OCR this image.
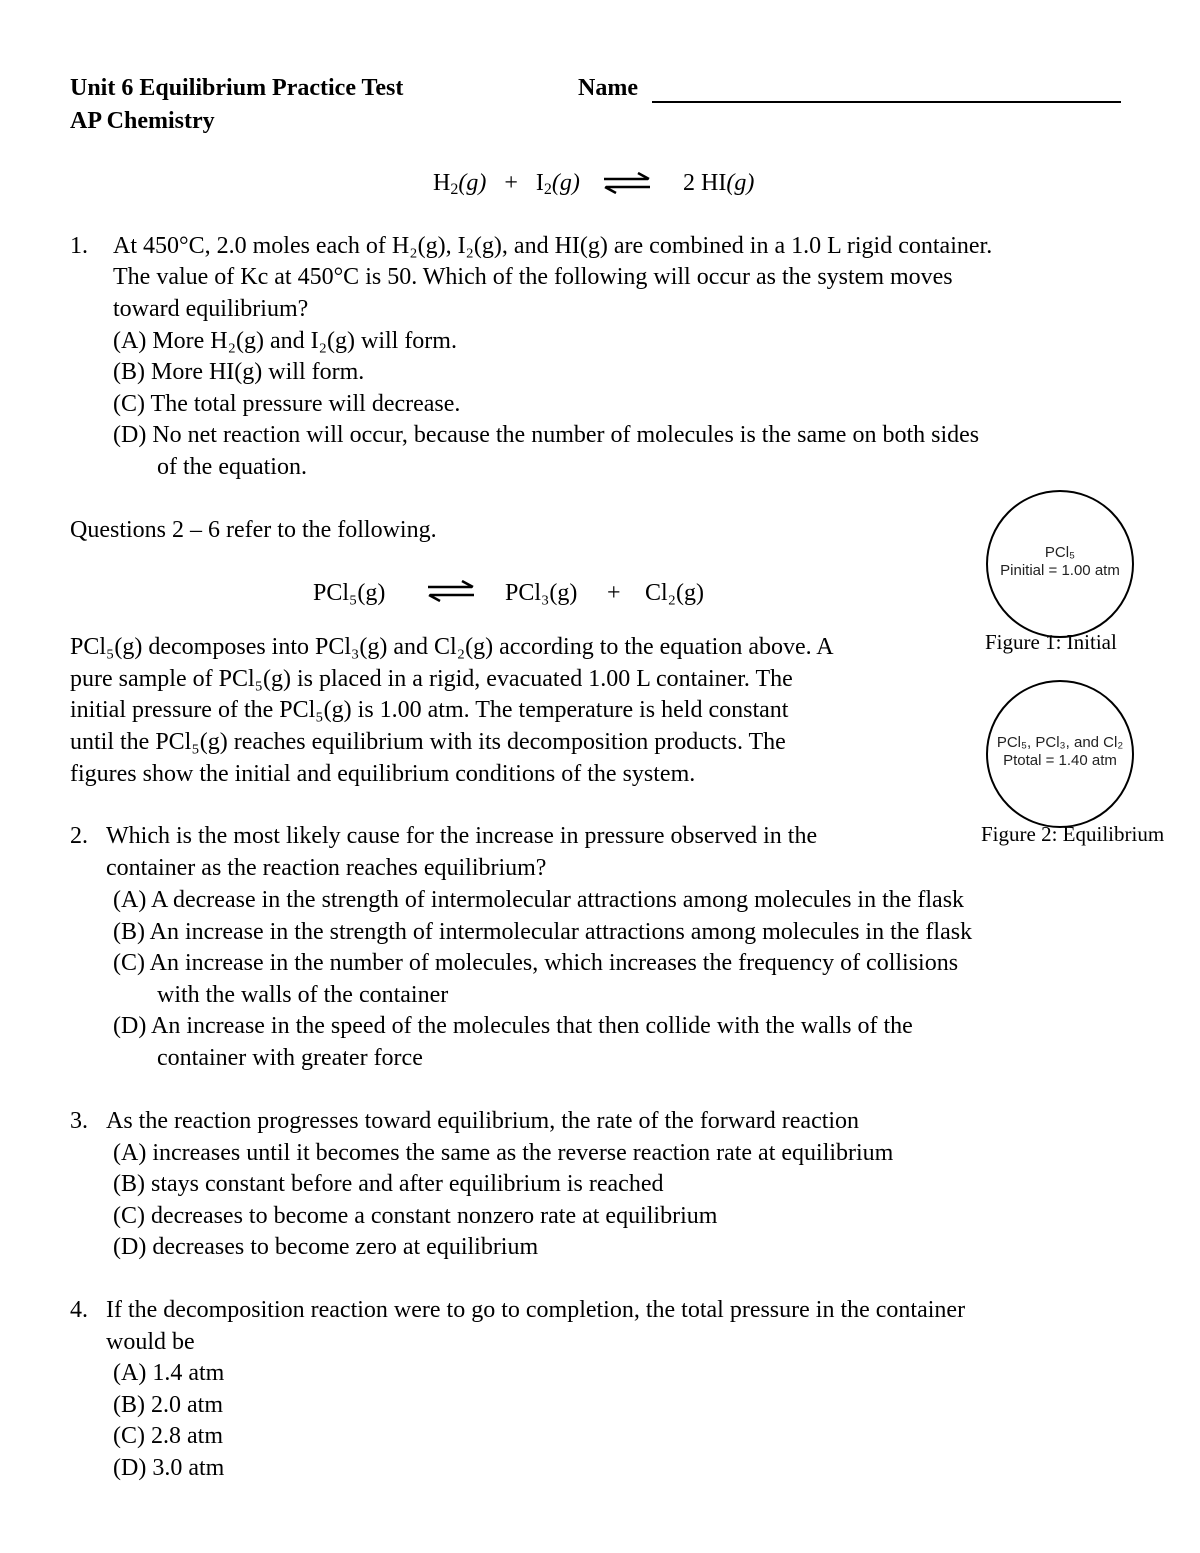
Unit 6 Equilibrium Practice Test
AP Chemistry
Name
$H_2(g) + I_2(g)$ ⇌ 2 HI(g)
1. At 450°C, 2.0 moles each of H₂(g), I₂(g), and HI(g) are combined in a 1.0 L rigid container.
The value of Kc at 450°C is 50. Which of the following will occur as the system moves
toward equilibrium?
(A) More H₂(g) and I₂(g) will form.
(B) More HI(g) will form.
(C) The total pressure will decrease.
(D) No net reaction will occur, because the number of molecules is the same on both sides
of the equation.
Questions 2 – 6 refer to the following.
PCl₅(g) ⇌ PCl₃(g) + Cl₂(g)
PCl₅(g) decomposes into PCl₃(g) and Cl₂(g) according to the equation above. A
pure sample of PCl₅(g) is placed in a rigid, evacuated 1.00 L container. The
initial pressure of the PCl₅(g) is 1.00 atm. The temperature is held constant
until the PCl₅(g) reaches equilibrium with its decomposition products. The
figures show the initial and equilibrium conditions of the system.
PCl₅
Pinitial = 1.00 atm
Figure 1: Initial
PCl₅, PCl₃, and Cl₂
Ptotal = 1.40 atm
Figure 2: Equilibrium
2. Which is the most likely cause for the increase in pressure observed in the
container as the reaction reaches equilibrium?
(A) A decrease in the strength of intermolecular attractions among molecules in the flask
(B) An increase in the strength of intermolecular attractions among molecules in the flask
(C) An increase in the number of molecules, which increases the frequency of collisions
with the walls of the container
(D) An increase in the speed of the molecules that then collide with the walls of the
container with greater force
3. As the reaction progresses toward equilibrium, the rate of the forward reaction
(A) increases until it becomes the same as the reverse reaction rate at equilibrium
(B) stays constant before and after equilibrium is reached
(C) decreases to become a constant nonzero rate at equilibrium
(D) decreases to become zero at equilibrium
4. If the decomposition reaction were to go to completion, the total pressure in the container
would be
(A) 1.4 atm
(B) 2.0 atm
(C) 2.8 atm
(D) 3.0 atm
